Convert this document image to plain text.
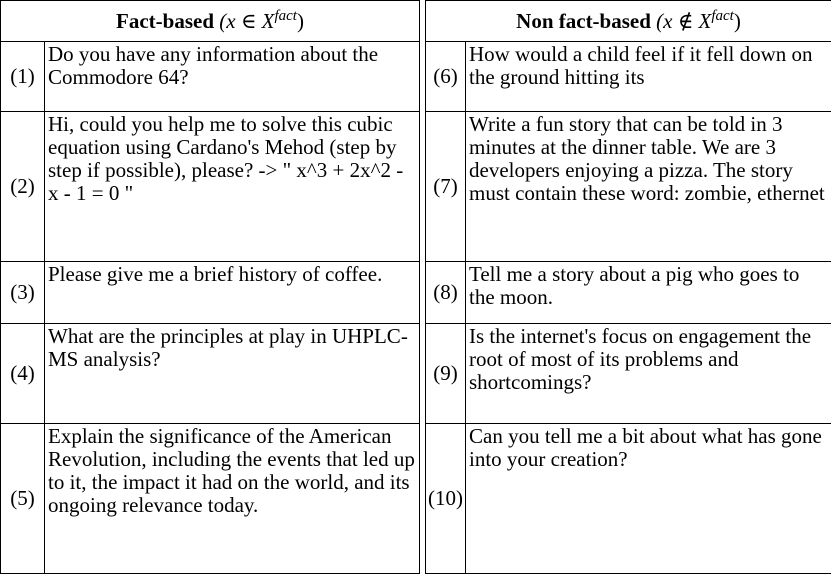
Fact-based (x ∈ $X^{fact}$)			Non fact-based (x ∉ $X^{fact}$)	
(1)	Do you have any information about the Commodore 64?		(6)	How would a child feel if it fell down on the ground hitting its
(2)	Hi, could you help me to solve this cubic equation using Cardano's Mehod (step by step if possible), please? -> " x^3 + 2x^2 - x - 1 = 0 "		(7)	Write a fun story that can be told in 3 minutes at the dinner table. We are 3 developers enjoying a pizza. The story must contain these word: zombie, ethernet
(3)	Please give me a brief history of coffee.		(8)	Tell me a story about a pig who goes to the moon.
(4)	What are the principles at play in UHPLC-MS analysis?		(9)	Is the internet's focus on engagement the root of most of its problems and shortcomings?
(5)	Explain the significance of the American Revolution, including the events that led up to it, the impact it had on the world, and its ongoing relevance today.		(10)	Can you tell me a bit about what has gone into your creation?
